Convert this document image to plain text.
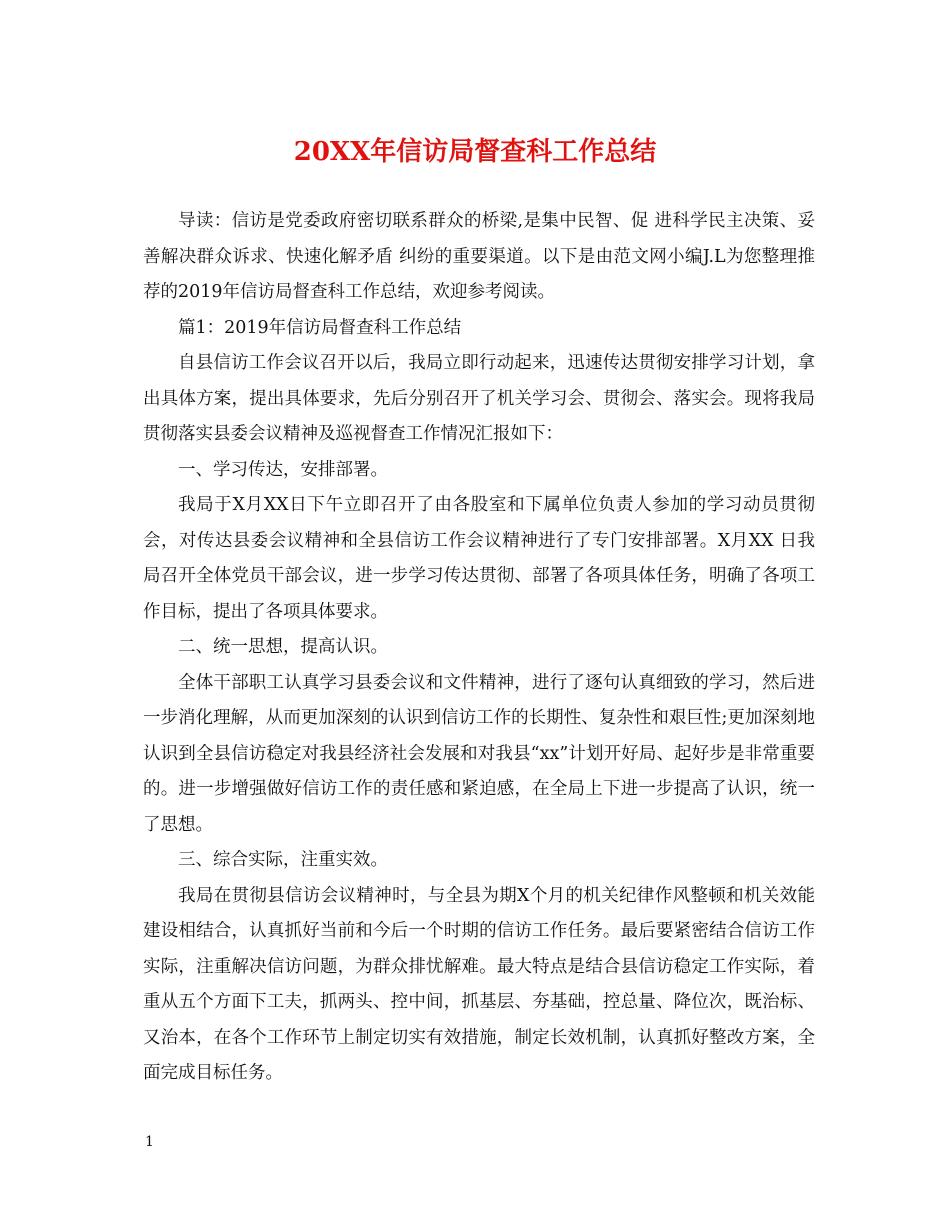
20XX年信访局督查科工作总结

导读：信访是党委政府密切联系群众的桥梁,是集中民智、促 进科学民主决策、妥善解决群众诉求、快速化解矛盾 纠纷的重要渠道。以下是由范文网小编J.L为您整理推荐的2019年信访局督查科工作总结，欢迎参考阅读。

篇1：2019年信访局督查科工作总结

自县信访工作会议召开以后，我局立即行动起来，迅速传达贯彻安排学习计划，拿出具体方案，提出具体要求，先后分别召开了机关学习会、贯彻会、落实会。现将我局贯彻落实县委会议精神及巡视督查工作情况汇报如下：

一、学习传达，安排部署。

我局于X月XX日下午立即召开了由各股室和下属单位负责人参加的学习动员贯彻会，对传达县委会议精神和全县信访工作会议精神进行了专门安排部署。X月XX 日我局召开全体党员干部会议，进一步学习传达贯彻、部署了各项具体任务，明确了各项工作目标，提出了各项具体要求。

二、统一思想，提高认识。

全体干部职工认真学习县委会议和文件精神，进行了逐句认真细致的学习，然后进一步消化理解，从而更加深刻的认识到信访工作的长期性、复杂性和艰巨性;更加深刻地认识到全县信访稳定对我县经济社会发展和对我县“xx”计划开好局、起好步是非常重要的。进一步增强做好信访工作的责任感和紧迫感，在全局上下进一步提高了认识，统一了思想。

三、综合实际，注重实效。

我局在贯彻县信访会议精神时，与全县为期X个月的机关纪律作风整顿和机关效能建设相结合，认真抓好当前和今后一个时期的信访工作任务。最后要紧密结合信访工作实际，注重解决信访问题，为群众排忧解难。最大特点是结合县信访稳定工作实际，着重从五个方面下工夫，抓两头、控中间，抓基层、夯基础，控总量、降位次，既治标、又治本，在各个工作环节上制定切实有效措施，制定长效机制，认真抓好整改方案，全面完成目标任务。

1
